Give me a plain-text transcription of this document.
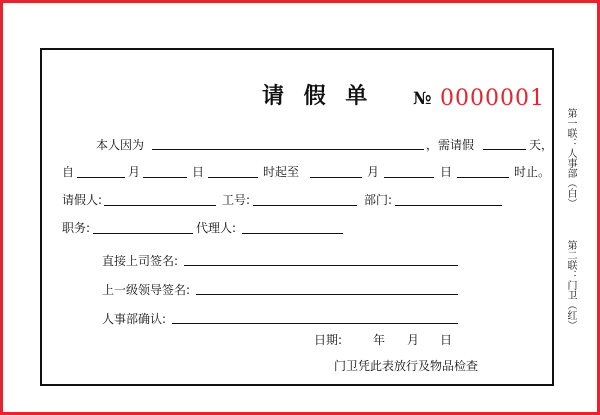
请 假 单 № 0000001
本人因为	，需请假	天，
自	月	日	时起至	月	日	时止。
请假人:	工号:	部门:
职务:	代理人:
直接上司签名:
上一级领导签名:
人事部确认:
日期:	年 月 日
门卫凭此表放行及物品检查
第一联：人事部（白）
第二联：门卫（红）
